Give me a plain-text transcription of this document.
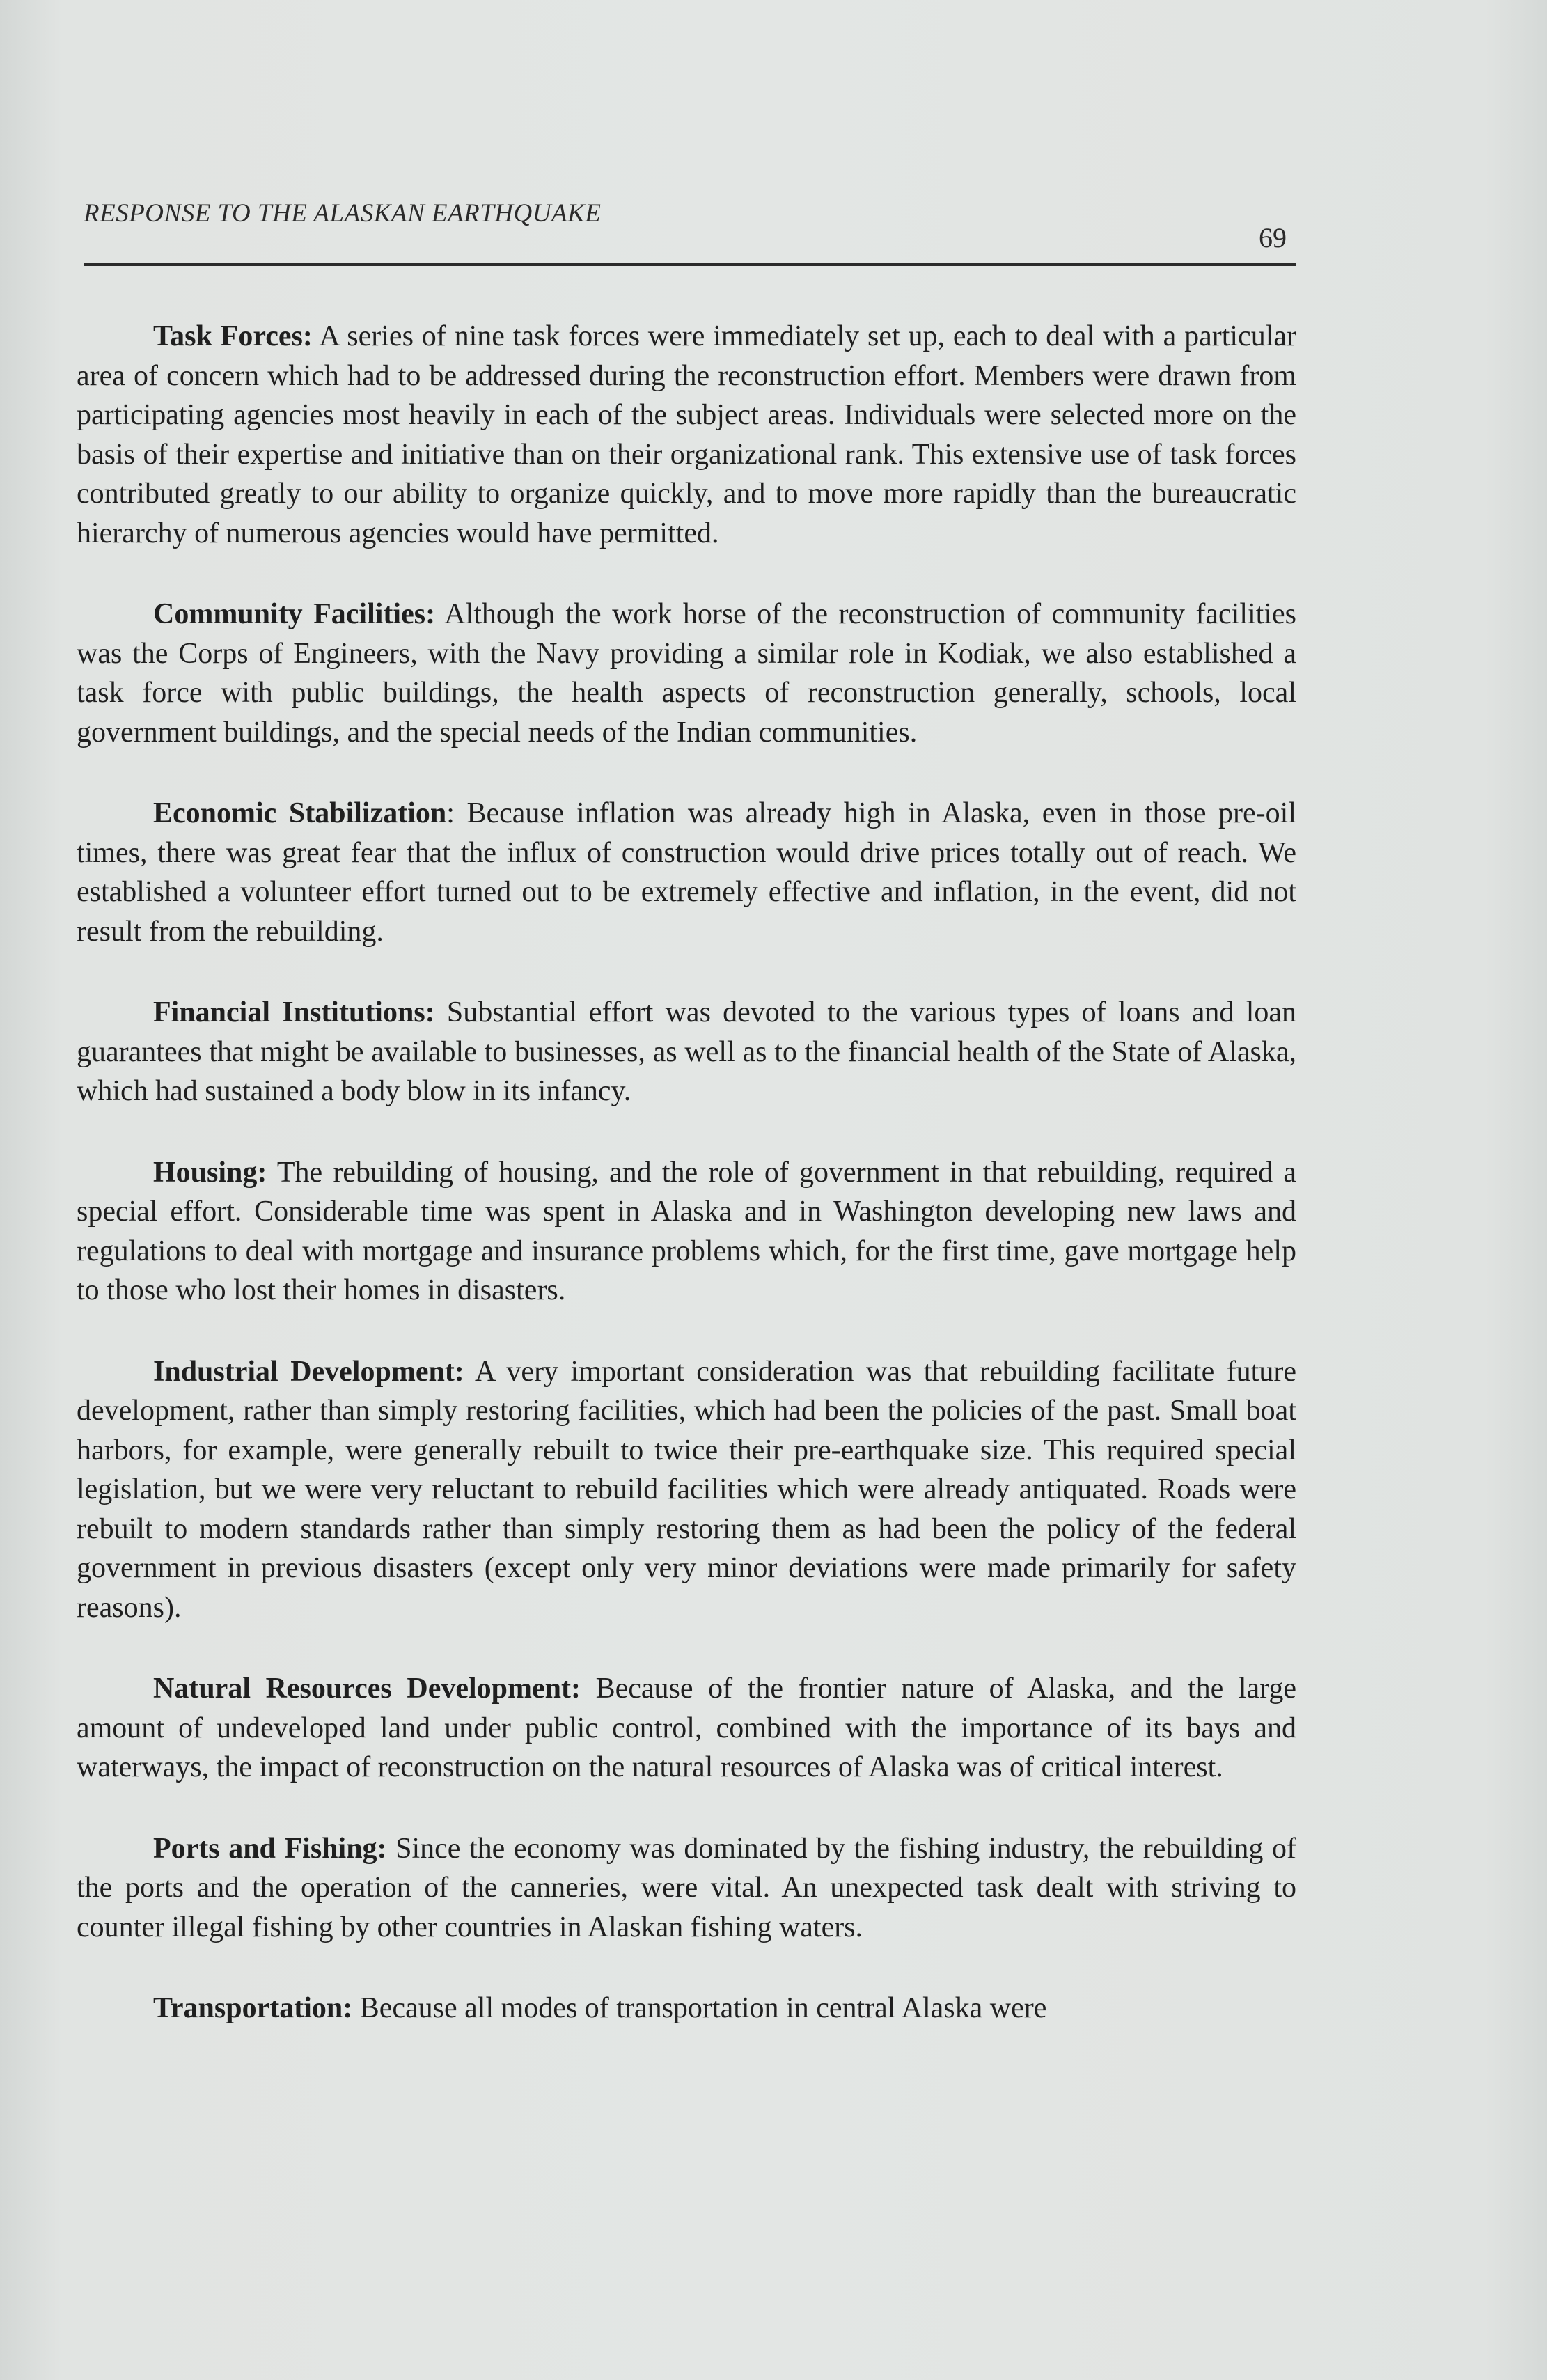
RESPONSE TO THE ALASKAN EARTHQUAKE
69

Task Forces: A series of nine task forces were immediately set up, each to deal with a particular area of concern which had to be addressed during the reconstruction effort. Members were drawn from participating agencies most heavily in each of the subject areas. Individuals were selected more on the basis of their expertise and initiative than on their organizational rank. This extensive use of task forces contributed greatly to our ability to organize quickly, and to move more rapidly than the bureaucratic hierarchy of numerous agencies would have permitted.

Community Facilities: Although the work horse of the reconstruction of community facilities was the Corps of Engineers, with the Navy providing a similar role in Kodiak, we also established a task force with public buildings, the health aspects of reconstruction generally, schools, local government buildings, and the special needs of the Indian communities.

Economic Stabilization: Because inflation was already high in Alaska, even in those pre-oil times, there was great fear that the influx of construction would drive prices totally out of reach. We established a volunteer effort turned out to be extremely effective and inflation, in the event, did not result from the rebuilding.

Financial Institutions: Substantial effort was devoted to the various types of loans and loan guarantees that might be available to businesses, as well as to the financial health of the State of Alaska, which had sustained a body blow in its infancy.

Housing: The rebuilding of housing, and the role of government in that rebuilding, required a special effort. Considerable time was spent in Alaska and in Washington developing new laws and regulations to deal with mortgage and insurance problems which, for the first time, gave mortgage help to those who lost their homes in disasters.

Industrial Development: A very important consideration was that rebuilding facilitate future development, rather than simply restoring facilities, which had been the policies of the past. Small boat harbors, for example, were generally rebuilt to twice their pre-earthquake size. This required special legislation, but we were very reluctant to rebuild facilities which were already antiquated. Roads were rebuilt to modern standards rather than simply restoring them as had been the policy of the federal government in previous disasters (except only very minor deviations were made primarily for safety reasons).

Natural Resources Development: Because of the frontier nature of Alaska, and the large amount of undeveloped land under public control, combined with the importance of its bays and waterways, the impact of reconstruction on the natural resources of Alaska was of critical interest.

Ports and Fishing: Since the economy was dominated by the fishing industry, the rebuilding of the ports and the operation of the canneries, were vital. An unexpected task dealt with striving to counter illegal fishing by other countries in Alaskan fishing waters.

Transportation: Because all modes of transportation in central Alaska were
